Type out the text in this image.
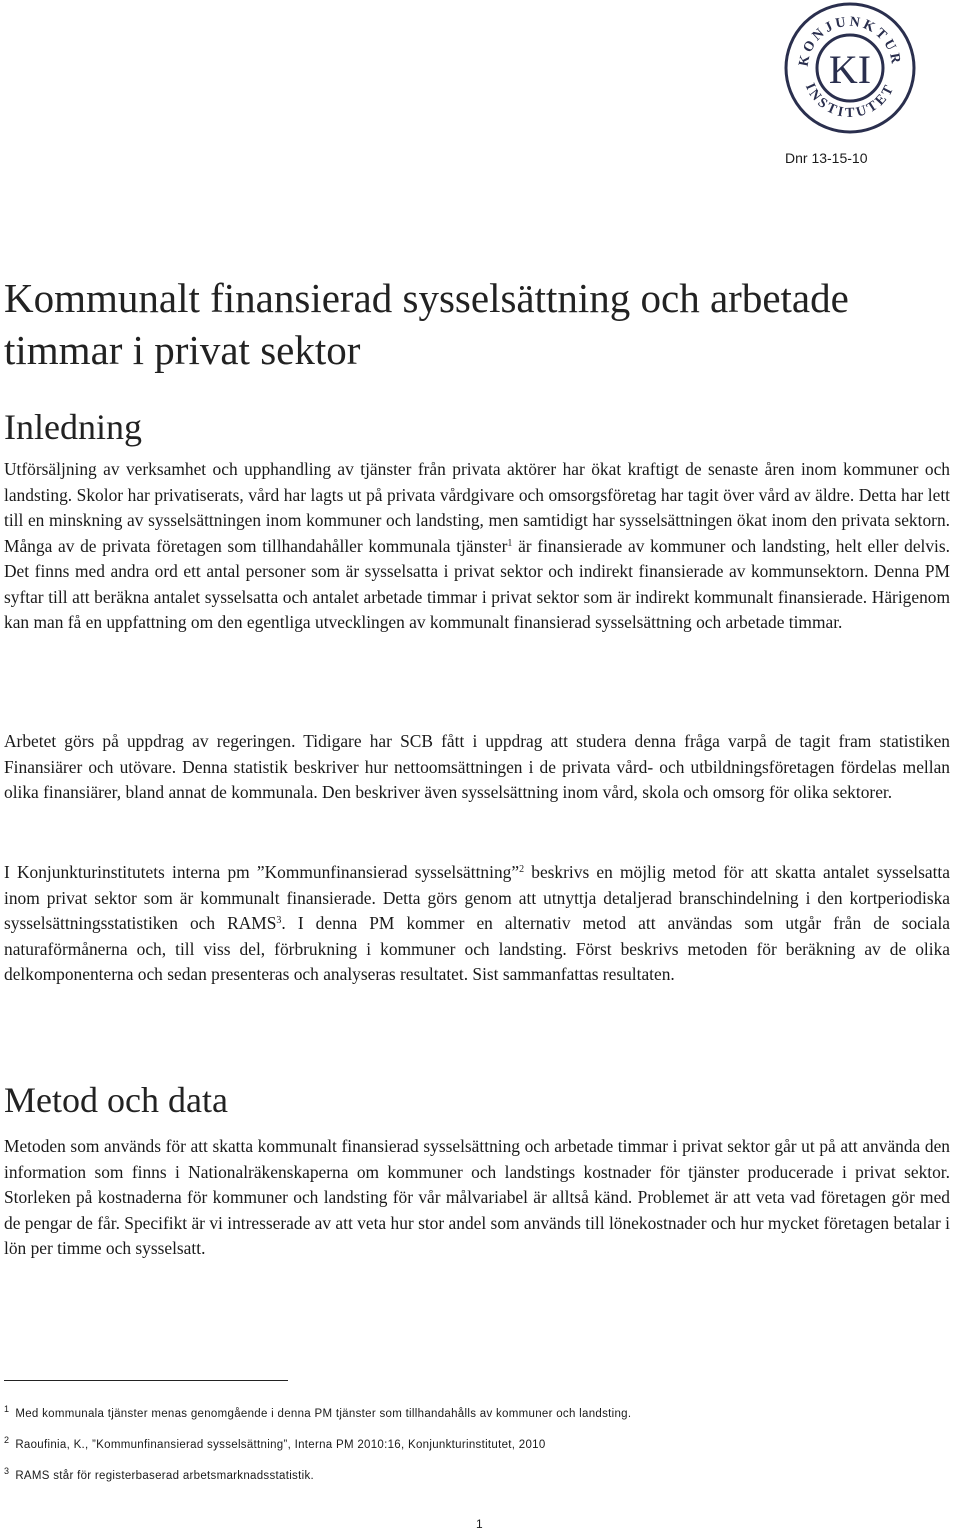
KONJUNKTUR
INSTITUTET
KI
Dnr 13-15-10
Kommunalt finansierad sysselsättning och arbetade timmar i privat sektor
Inledning

Utförsäljning av verksamhet och upphandling av tjänster från privata aktörer har ökat kraftigt de senaste åren inom kommuner och landsting. Skolor har privatiserats, vård har lagts ut på privata vårdgivare och omsorgsföretag har tagit över vård av äldre. Detta har lett till en minskning av sysselsättningen inom kommuner och landsting, men samtidigt har sysselsättningen ökat inom den privata sektorn. Många av de privata företagen som tillhandahåller kommunala tjänster$^1$ är finansierade av kommuner och landsting, helt eller delvis. Det finns med andra ord ett antal personer som är sysselsatta i privat sektor och indirekt finansierade av kommunsektorn. Denna PM syftar till att beräkna antalet sysselsatta och antalet arbetade timmar i privat sektor som är indirekt kommunalt finansierade. Härigenom kan man få en uppfattning om den egentliga utvecklingen av kommunalt finansierad sysselsättning och arbetade timmar.

Arbetet görs på uppdrag av regeringen. Tidigare har SCB fått i uppdrag att studera denna fråga varpå de tagit fram statistiken Finansiärer och utövare. Denna statistik beskriver hur nettoomsättningen i de privata vård- och utbildningsföretagen fördelas mellan olika finansiärer, bland annat de kommunala. Den beskriver även sysselsättning inom vård, skola och omsorg för olika sektorer.

I Konjunkturinstitutets interna pm ”Kommunfinansierad sysselsättning”$^2$ beskrivs en möjlig metod för att skatta antalet sysselsatta inom privat sektor som är kommunalt finansierade. Detta görs genom att utnyttja detaljerad branschindelning i den kortperiodiska sysselsättningsstatistiken och RAMS$^3$. I denna PM kommer en alternativ metod att användas som utgår från de sociala naturaförmånerna och, till viss del, förbrukning i kommuner och landsting. Först beskrivs metoden för beräkning av de olika delkomponenterna och sedan presenteras och analyseras resultatet. Sist sammanfattas resultaten.

Metod och data

Metoden som används för att skatta kommunalt finansierad sysselsättning och arbetade timmar i privat sektor går ut på att använda den information som finns i Nationalräkenskaperna om kommuner och landstings kostnader för tjänster producerade i privat sektor. Storleken på kostnaderna för kommuner och landsting för vår målvariabel är alltså känd. Problemet är att veta vad företagen gör med de pengar de får. Specifikt är vi intresserade av att veta hur stor andel som används till lönekostnader och hur mycket företagen betalar i lön per timme och sysselsatt.

$^1$ Med kommunala tjänster menas genomgående i denna PM tjänster som tillhandahålls av kommuner och landsting.
$^2$ Raoufinia, K., ”Kommunfinansierad sysselsättning”, Interna PM 2010:16, Konjunkturinstitutet, 2010
$^3$ RAMS står för registerbaserad arbetsmarknadsstatistik.
1
